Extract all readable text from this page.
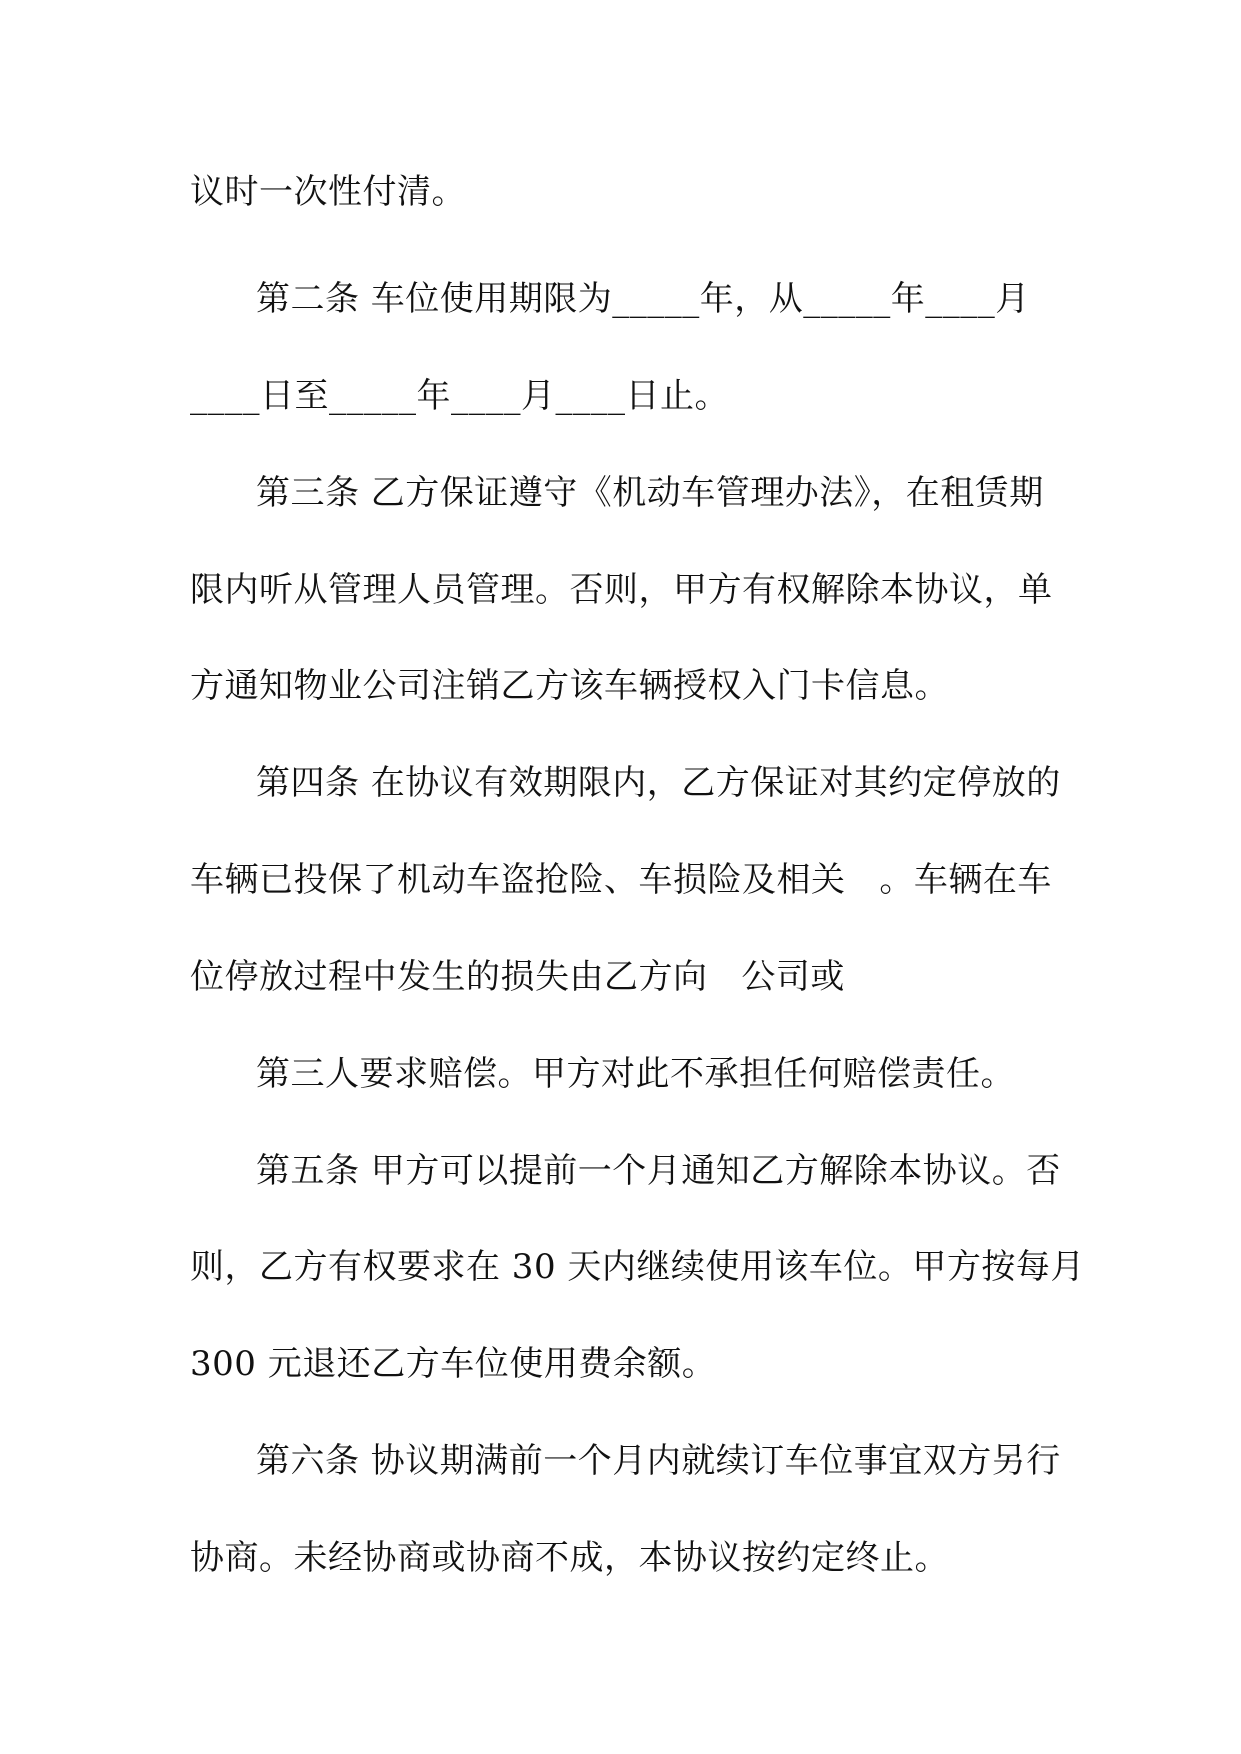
议时一次性付清。
第二条 车位使用期限为_____年，从_____年____月
____日至_____年____月____日止。
第三条 乙方保证遵守《机动车管理办法》，在租赁期
限内听从管理人员管理。否则，甲方有权解除本协议，单
方通知物业公司注销乙方该车辆授权入门卡信息。
第四条 在协议有效期限内，乙方保证对其约定停放的
车辆已投保了机动车盗抢险、车损险及相关   。车辆在车
位停放过程中发生的损失由乙方向   公司或
第三人要求赔偿。甲方对此不承担任何赔偿责任。
第五条 甲方可以提前一个月通知乙方解除本协议。否
则，乙方有权要求在 30 天内继续使用该车位。甲方按每月
300 元退还乙方车位使用费余额。
第六条 协议期满前一个月内就续订车位事宜双方另行
协商。未经协商或协商不成，本协议按约定终止。
